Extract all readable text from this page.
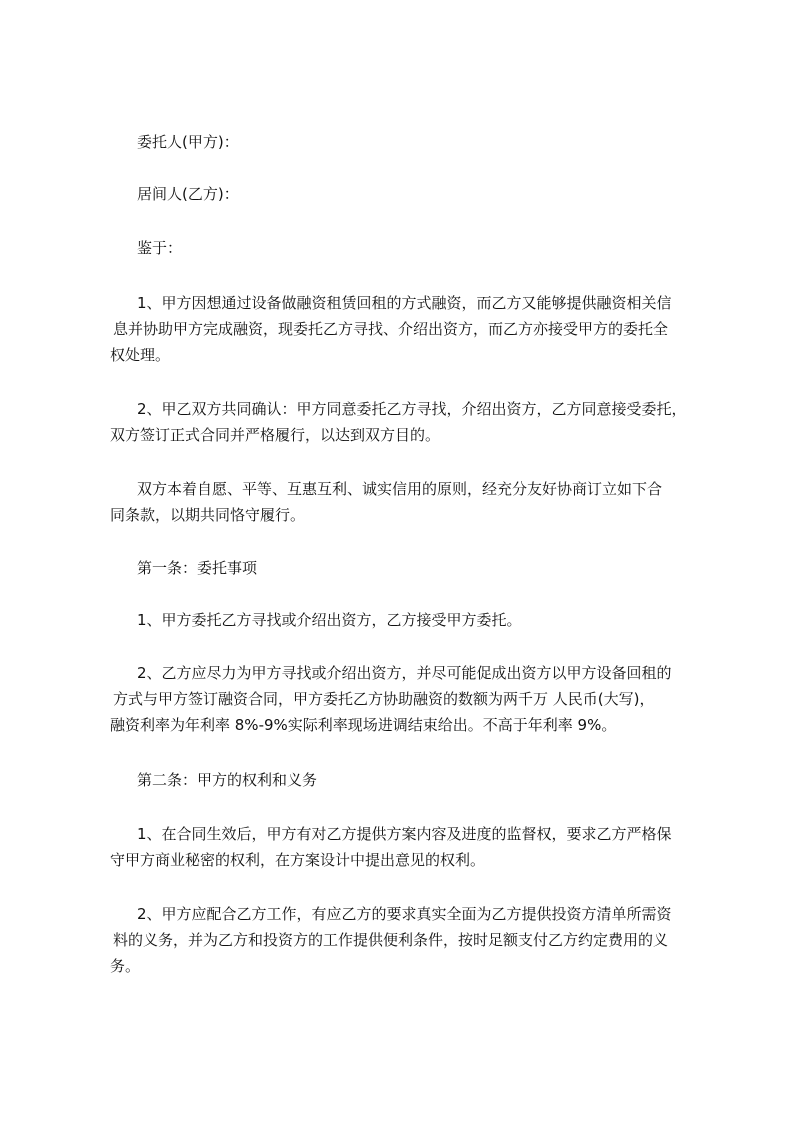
委托人(甲方)：

居间人(乙方)：

鉴于：

1、甲方因想通过设备做融资租赁回租的方式融资，而乙方又能够提供融资相关信
息并协助甲方完成融资，现委托乙方寻找、介绍出资方，而乙方亦接受甲方的委托全
权处理。
2、甲乙双方共同确认：甲方同意委托乙方寻找，介绍出资方，乙方同意接受委托，
双方签订正式合同并严格履行，以达到双方目的。
双方本着自愿、平等、互惠互利、诚实信用的原则，经充分友好协商订立如下合
同条款，以期共同恪守履行。

第一条：委托事项

1、甲方委托乙方寻找或介绍出资方，乙方接受甲方委托。
2、乙方应尽力为甲方寻找或介绍出资方，并尽可能促成出资方以甲方设备回租的
方式与甲方签订融资合同，甲方委托乙方协助融资的数额为两千万 人民币(大写)，
融资利率为年利率 8%-9%实际利率现场进调结束给出。不高于年利率 9%。

第二条：甲方的权利和义务

1、在合同生效后，甲方有对乙方提供方案内容及进度的监督权，要求乙方严格保
守甲方商业秘密的权利，在方案设计中提出意见的权利。
2、甲方应配合乙方工作，有应乙方的要求真实全面为乙方提供投资方清单所需资
料的义务，并为乙方和投资方的工作提供便利条件，按时足额支付乙方约定费用的义
务。
